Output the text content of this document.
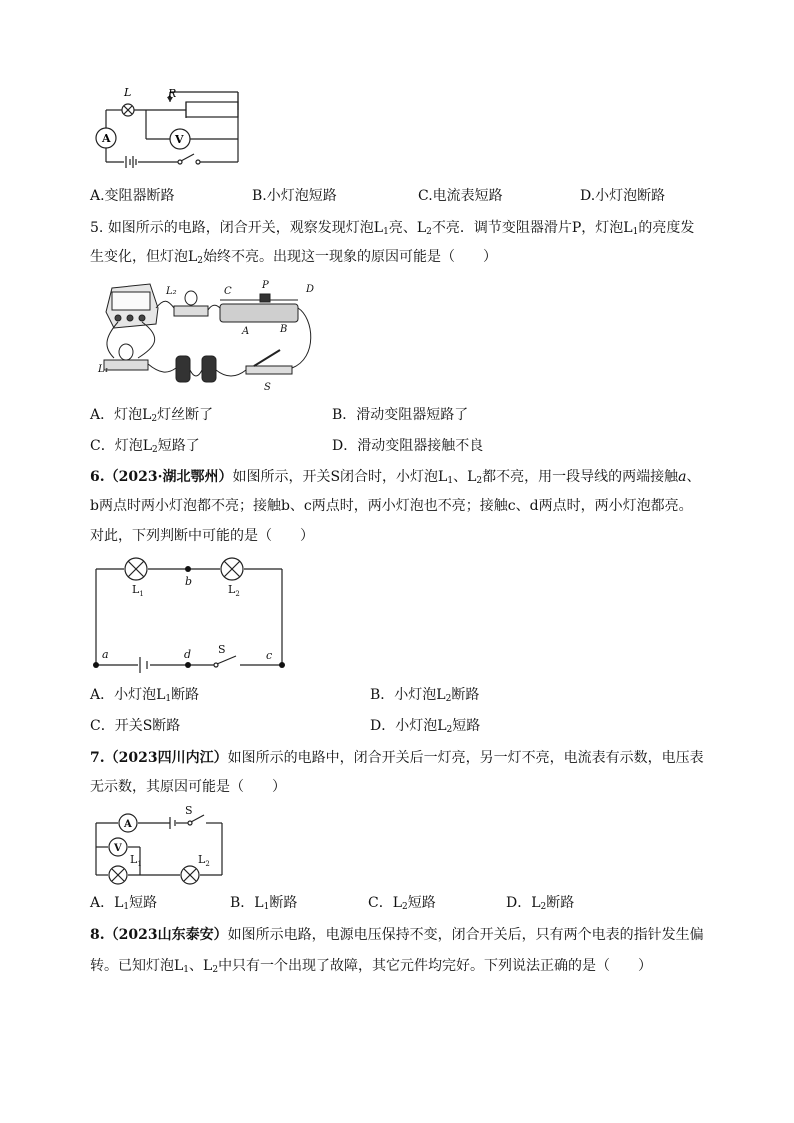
L	R
A	V
A.变阻器断路	B.小灯泡短路	C.电流表短路	D.小灯泡断路
5. 如图所示的电路，闭合开关，观察发现灯泡$L_1$亮、$L_2$不亮．调节变阻器滑片P，灯泡$L_1$的亮度发
生变化，但灯泡$L_2$始终不亮。出现这一现象的原因可能是（　　）
L₂	C
P	D
A	B
L₁
S
A．灯泡$L_2$灯丝断了	B．滑动变阻器短路了
C．灯泡$L_2$短路了	D．滑动变阻器接触不良
6.（2023·湖北鄂州）如图所示，开关S闭合时，小灯泡$L_1$、$L_2$都不亮，用一段导线的两端接触a、
b两点时两小灯泡都不亮；接触b、c两点时，两小灯泡也不亮；接触c、d两点时，两小灯泡都亮。
对此，下列判断中可能的是（　　）
$L_1$	$L_2$
b
a	d S	c
A．小灯泡$L_1$断路	B．小灯泡$L_2$断路
C．开关S断路	D．小灯泡$L_2$短路
7.（2023四川内江）如图所示的电路中，闭合开关后一灯亮，另一灯不亮，电流表有示数，电压表
无示数，其原因可能是（　　）
A
V
S
$L_1$	$L_2$
A．$L_1$短路	B．$L_1$断路	C．$L_2$短路	D．$L_2$断路
8.（2023山东泰安）如图所示电路，电源电压保持不变，闭合开关后，只有两个电表的指针发生偏
转。已知灯泡$L_1$、$L_2$中只有一个出现了故障，其它元件均完好。下列说法正确的是（　　）
